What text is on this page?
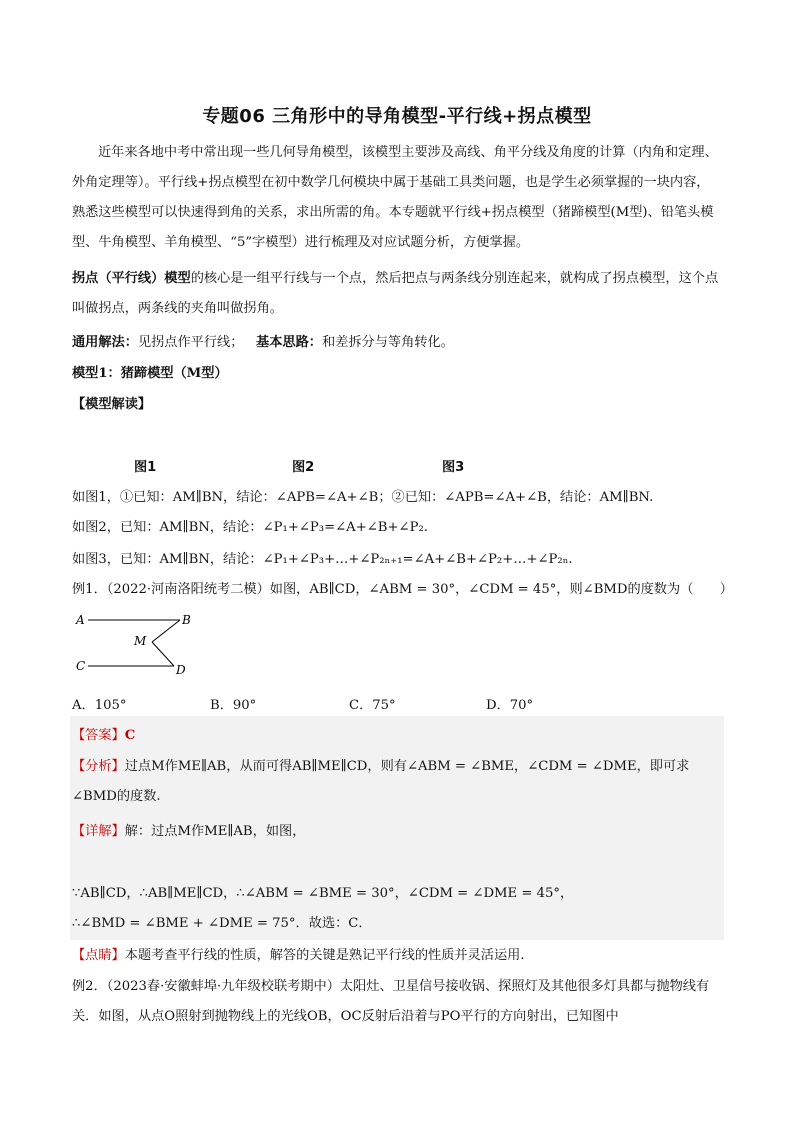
专题06 三角形中的导角模型-平行线+拐点模型
近年来各地中考中常出现一些几何导角模型，该模型主要涉及高线、角平分线及角度的计算（内角和定理、外角定理等）。平行线+拐点模型在初中数学几何模块中属于基础工具类问题，也是学生必须掌握的一块内容，熟悉这些模型可以快速得到角的关系，求出所需的角。本专题就平行线+拐点模型（猪蹄模型(M型)、铅笔头模型、牛角模型、羊角模型、“5”字模型）进行梳理及对应试题分析，方便掌握。
拐点（平行线）模型的核心是一组平行线与一个点，然后把点与两条线分别连起来，就构成了拐点模型，这个点叫做拐点，两条线的夹角叫做拐角。
通用解法：见拐点作平行线； 基本思路：和差拆分与等角转化。
模型1：猪蹄模型（M型）
【模型解读】
图1	图2	图3
如图1，①已知：AM∥BN，结论：∠APB=∠A+∠B；②已知：∠APB=∠A+∠B，结论：AM∥BN.
如图2，已知：AM∥BN，结论：∠P₁+∠P₃=∠A+∠B+∠P₂.
如图3，已知：AM∥BN，结论：∠P₁+∠P₃+…+∠P₂ₙ₊₁=∠A+∠B+∠P₂+…+∠P₂ₙ.
例1．（2022·河南洛阳统考二模）如图，AB∥CD，∠ABM = 30°，∠CDM = 45°，则∠BMD的度数为（　　）
A	B
M
C	D
A．105°	B．90°	C．75°	D．70°
【答案】C
【分析】过点M作ME∥AB，从而可得AB∥ME∥CD，则有∠ABM = ∠BME，∠CDM = ∠DME，即可求∠BMD的度数.
【详解】解：过点M作ME∥AB，如图，
∵AB∥CD，∴AB∥ME∥CD，∴∠ABM = ∠BME = 30°，∠CDM = ∠DME = 45°，
∴∠BMD = ∠BME + ∠DME = 75°．故选：C．
【点睛】本题考查平行线的性质，解答的关键是熟记平行线的性质并灵活运用.
例2．（2023春·安徽蚌埠·九年级校联考期中）太阳灶、卫星信号接收锅、探照灯及其他很多灯具都与抛物线有关．如图，从点O照射到抛物线上的光线OB，OC反射后沿着与PO平行的方向射出，已知图中
